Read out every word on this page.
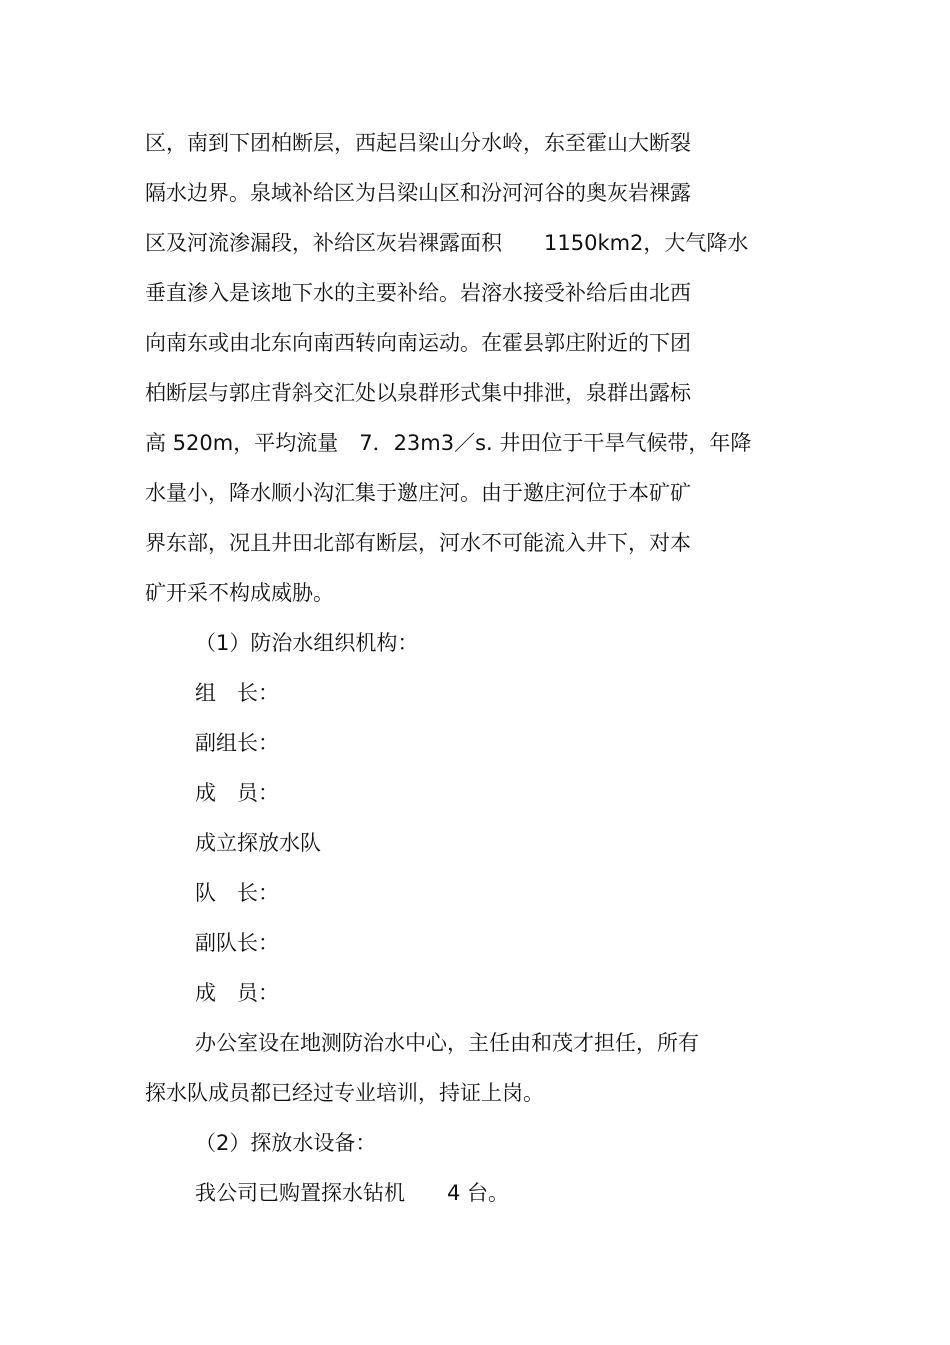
区，南到下团柏断层，西起吕梁山分水岭，东至霍山大断裂

隔水边界。泉域补给区为吕梁山区和汾河河谷的奥灰岩裸露

区及河流渗漏段，补给区灰岩裸露面积　　1150km2，大气降水

垂直渗入是该地下水的主要补给。岩溶水接受补给后由北西

向南东或由北东向南西转向南运动。在霍县郭庄附近的下团

柏断层与郭庄背斜交汇处以泉群形式集中排泄，泉群出露标

高 520m，平均流量　7．23m3／s. 井田位于干旱气候带，年降

水量小，降水顺小沟汇集于邀庄河。由于邀庄河位于本矿矿

界东部，况且井田北部有断层，河水不可能流入井下，对本

矿开采不构成威胁。

（1）防治水组织机构：

组　长：

副组长：

成　员：

成立探放水队

队　长：

副队长：

成　员：

办公室设在地测防治水中心，主任由和茂才担任，所有

探水队成员都已经过专业培训，持证上岗。

（2）探放水设备：

我公司已购置探水钻机　　4 台。
